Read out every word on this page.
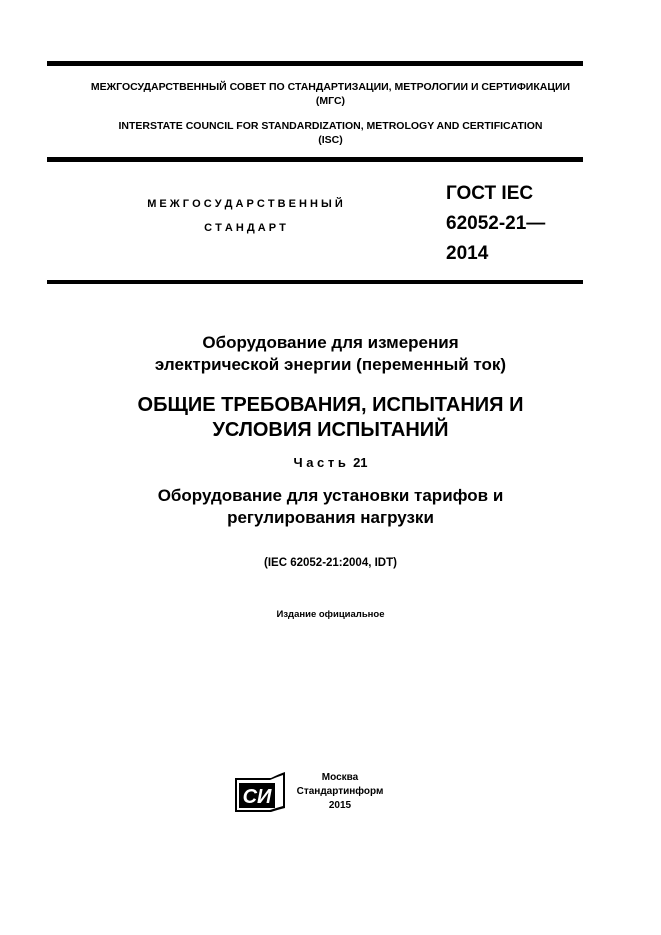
МЕЖГОСУДАРСТВЕННЫЙ СОВЕТ ПО СТАНДАРТИЗАЦИИ, МЕТРОЛОГИИ И СЕРТИФИКАЦИИ
(МГС)
INTERSTATE COUNCIL FOR STANDARDIZATION, METROLOGY AND CERTIFICATION
(ISC)
М Е Ж Г О С У Д А Р С Т В Е Н Н Ы Й
С Т А Н Д А Р Т
ГОСТ IEC
62052-21—
2014
Оборудование для измерения
электрической энергии (переменный ток)
ОБЩИЕ ТРЕБОВАНИЯ, ИСПЫТАНИЯ И
УСЛОВИЯ ИСПЫТАНИЙ
Ч а с т ь  21
Оборудование для установки тарифов и
регулирования нагрузки
(IEC 62052-21:2004, IDT)
Издание официальное
СИ
Москва
Стандартинформ
2015
